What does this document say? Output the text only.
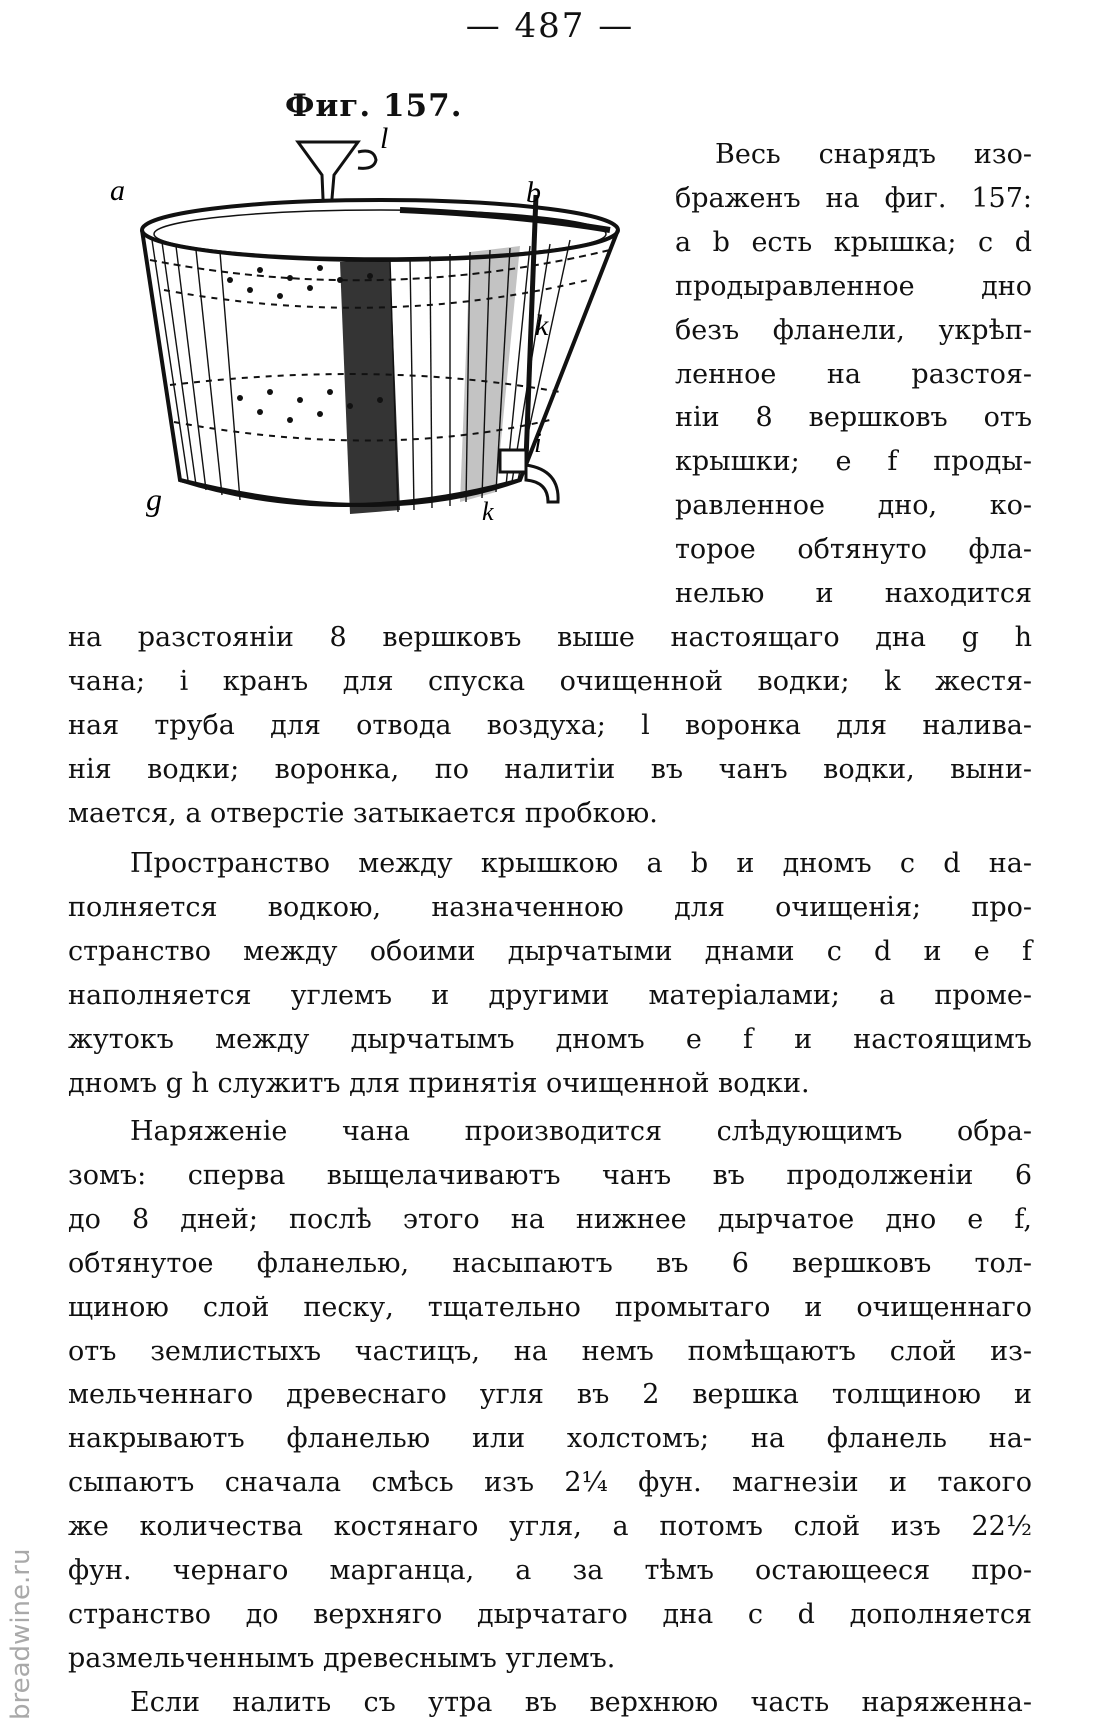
— 487 —
Фиг. 157.
a	b
l
k
i
g	k
Весь снарядъ изо-
браженъ на фиг. 157:
a b есть крышка; c d
продыравленное дно
безъ фланели, укрѣп-
ленное на разстоя-
ніи 8 вершковъ отъ
крышки; e f проды-
равленное дно, ко-
торое обтянуто фла-
нелью и находится
на разстояніи 8 вершковъ выше настоящаго дна g h
чана; i кранъ для спуска очищенной водки; k жестя-
ная труба для отвода воздуха; l воронка для налива-
нія водки; воронка, по налитіи въ чанъ водки, выни-
мается, а отверстіе затыкается пробкою.
Пространство между крышкою a b и дномъ c d на-
полняется водкою, назначенною для очищенія; про-
странство между обоими дырчатыми днами c d и e f
наполняется углемъ и другими матеріалами; а проме-
жутокъ между дырчатымъ дномъ e f и настоящимъ
дномъ g h служитъ для принятія очищенной водки.
Наряженіе чана производится слѣдующимъ обра-
зомъ: сперва выщелачиваютъ чанъ въ продолженіи 6
до 8 дней; послѣ этого на нижнее дырчатое дно e f,
обтянутое фланелью, насыпаютъ въ 6 вершковъ тол-
щиною слой песку, тщательно промытаго и очищеннаго
отъ землистыхъ частицъ, на немъ помѣщаютъ слой из-
мельченнаго древеснаго угля въ 2 вершка толщиною и
накрываютъ фланелью или холстомъ; на фланель на-
сыпаютъ сначала смѣсь изъ 2¼ фун. магнезіи и такого
же количества костянаго угля, а потомъ слой изъ 22½
фун. чернаго марганца, а за тѣмъ остающееся про-
странство до верхняго дырчатаго дна c d дополняется
размельченнымъ древеснымъ углемъ.
Если налить съ утра въ верхнюю часть наряженна-
breadwine.ru
